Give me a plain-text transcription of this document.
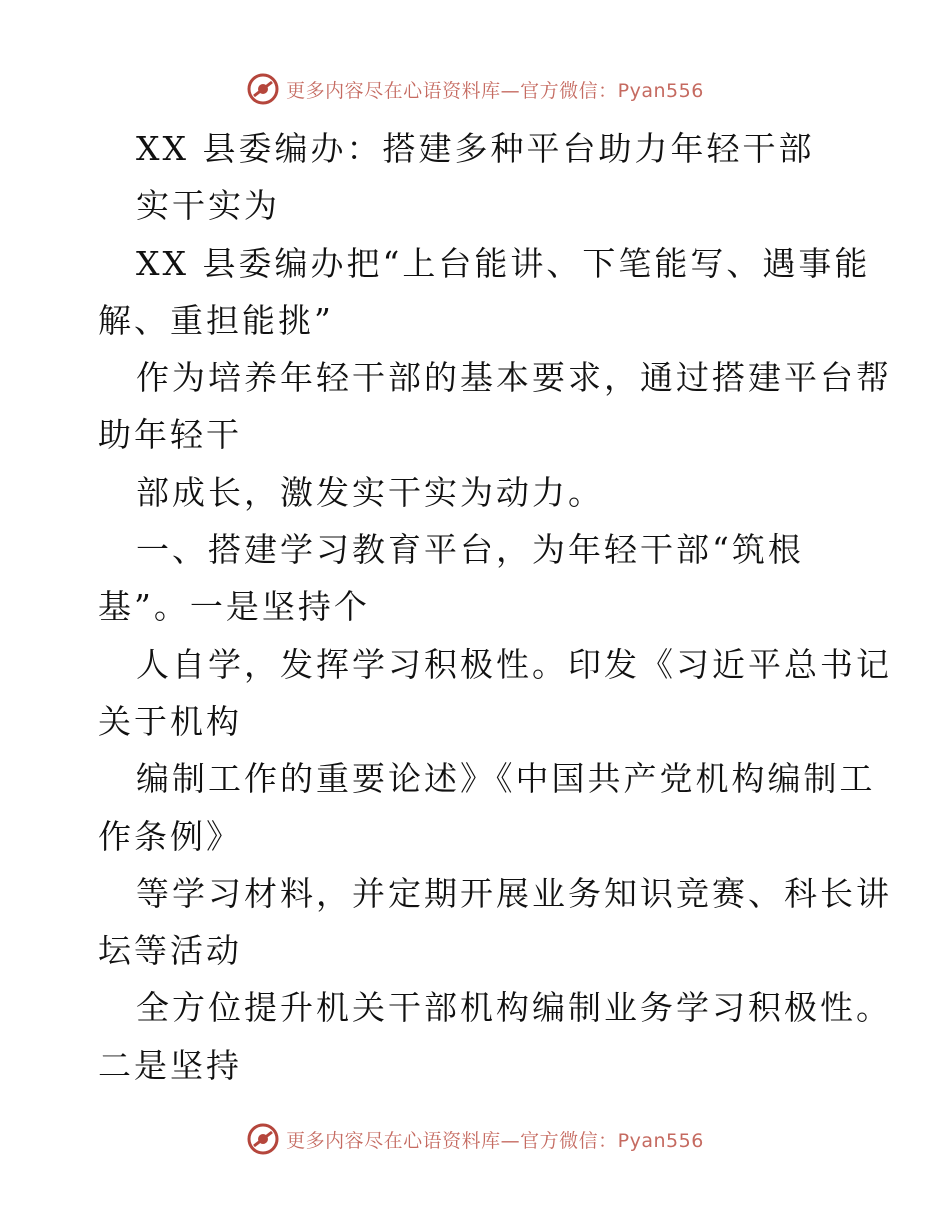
更多内容尽在心语资料库—官方微信：Pyan556
XX 县委编办：搭建多种平台助力年轻干部
实干实为
XX 县委编办把“上台能讲、下笔能写、遇事能
解、重担能挑”
作为培养年轻干部的基本要求，通过搭建平台帮
助年轻干
部成长，激发实干实为动力。
一、搭建学习教育平台，为年轻干部“筑根
基”。一是坚持个
人自学，发挥学习积极性。印发《习近平总书记
关于机构
编制工作的重要论述》《中国共产党机构编制工
作条例》
等学习材料，并定期开展业务知识竞赛、科长讲
坛等活动
全方位提升机关干部机构编制业务学习积极性。
二是坚持
更多内容尽在心语资料库—官方微信：Pyan556
